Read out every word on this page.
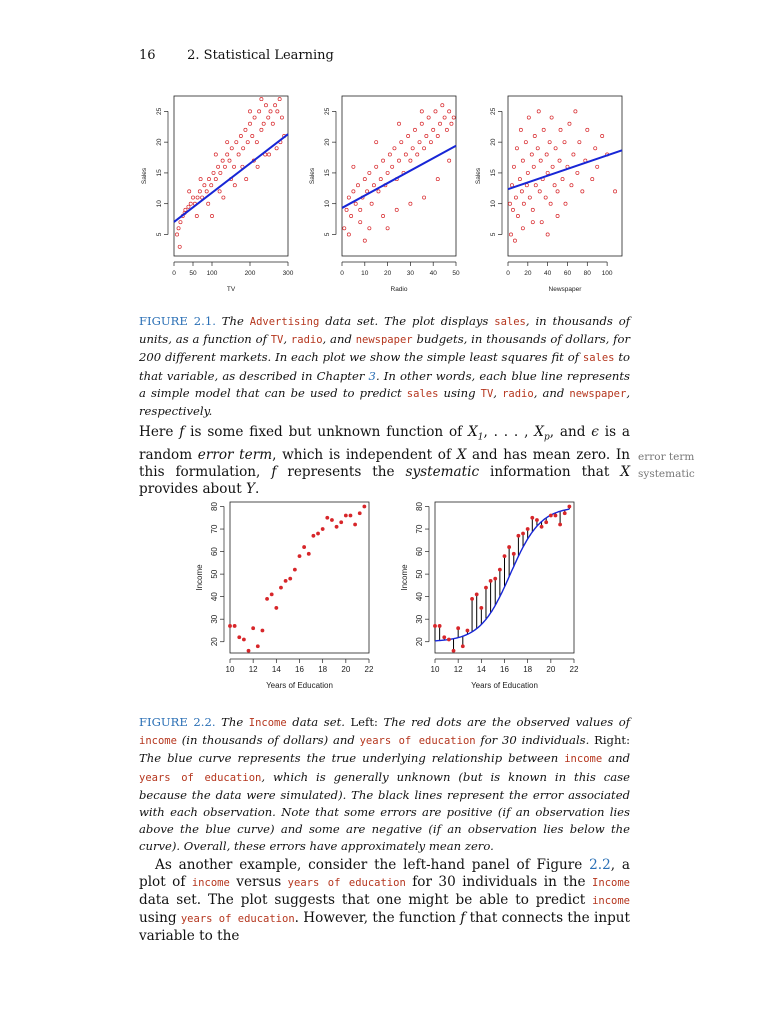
16 2. Statistical Learning
0 50 100	200	300
5
10
15
20
25
TV
Sales
0	10 20 30 40 50
5
10
15
20
25
Radio
Sales
0 20 40 60 80 100
5
10
15
20
25
Newspaper
Sales
FIGURE 2.1. The Advertising data set. The plot displays sales, in thousands of units, as a function of TV, radio, and newspaper budgets, in thousands of dollars, for 200 different markets. In each plot we show the simple least squares fit of sales to that variable, as described in Chapter 3. In other words, each blue line represents a simple model that can be used to predict sales using TV, radio, and newspaper, respectively.
Here f is some fixed but unknown function of $X_1$, . . . , $X_p$, and ϵ is a random error term, which is independent of X and has mean zero. In this formulation, f represents the systematic information that X provides about Y.
error term
systematic
10 12 14 16 18 20 22
20
30
40
50
60
70
80
Years of Education
Income
10 12 14 16 18 20 22
20
30
40
50
60
70
80
Years of Education
Income
FIGURE 2.2. The Income data set. Left: The red dots are the observed values of income (in thousands of dollars) and years of education for 30 individuals. Right: The blue curve represents the true underlying relationship between income and years of education, which is generally unknown (but is known in this case because the data were simulated). The black lines represent the error associated with each observation. Note that some errors are positive (if an observation lies above the blue curve) and some are negative (if an observation lies below the curve). Overall, these errors have approximately mean zero.
As another example, consider the left-hand panel of Figure 2.2, a plot of income versus years of education for 30 individuals in the Income data set. The plot suggests that one might be able to predict income using years of education. However, the function f that connects the input variable to the
